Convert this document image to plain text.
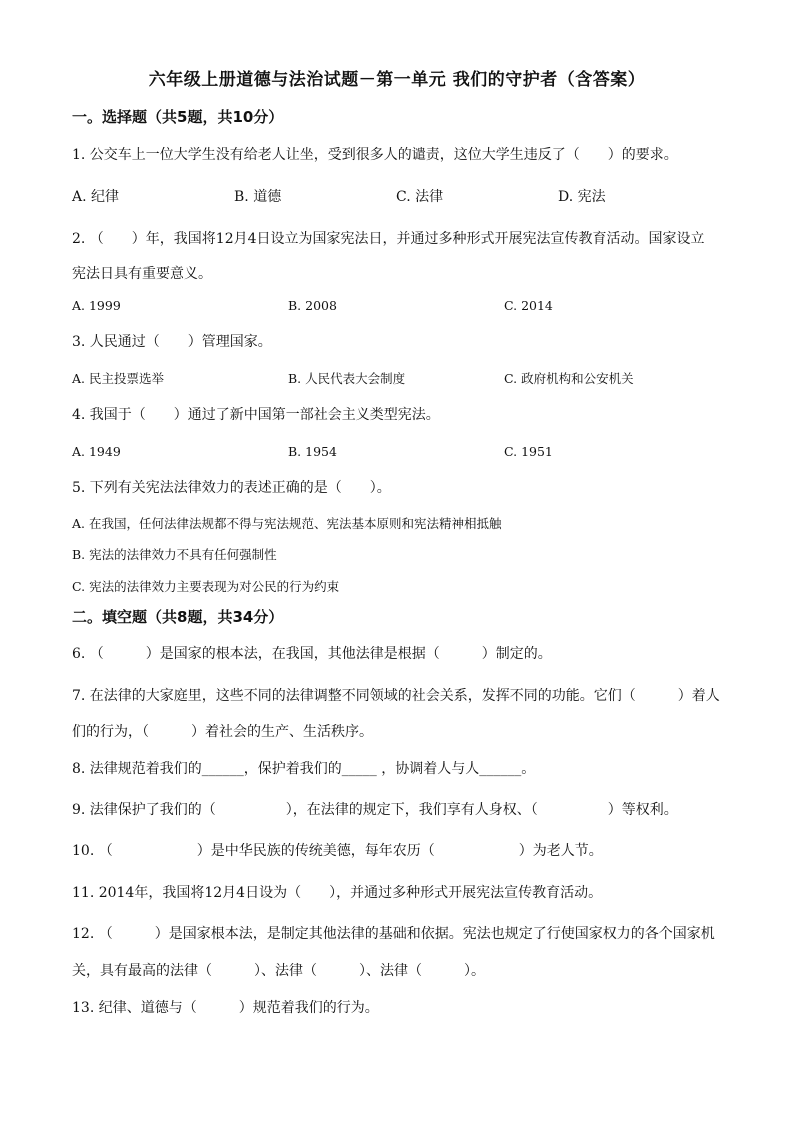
六年级上册道德与法治试题－第一单元 我们的守护者（含答案）
一。选择题（共5题，共10分）
1. 公交车上一位大学生没有给老人让坐，受到很多人的谴责，这位大学生违反了（　　）的要求。
A. 纪律	B. 道德	C. 法律	D. 宪法
2. （　　）年，我国将12月4日设立为国家宪法日，并通过多种形式开展宪法宣传教育活动。国家设立
宪法日具有重要意义。
A. 1999	B. 2008	C. 2014
3. 人民通过（　　）管理国家。
A. 民主投票选举	B. 人民代表大会制度	C. 政府机构和公安机关
4. 我国于（　　）通过了新中国第一部社会主义类型宪法。
A. 1949	B. 1954	C. 1951
5. 下列有关宪法法律效力的表述正确的是（　　）。
A. 在我国，任何法律法规都不得与宪法规范、宪法基本原则和宪法精神相抵触
B. 宪法的法律效力不具有任何强制性
C. 宪法的法律效力主要表现为对公民的行为约束
二。填空题（共8题，共34分）
6. （　　　）是国家的根本法，在我国，其他法律是根据（　　　）制定的。
7. 在法律的大家庭里，这些不同的法律调整不同领域的社会关系，发挥不同的功能。它们（　　　）着人
们的行为，（　　　）着社会的生产、生活秩序。
8. 法律规范着我们的______，保护着我们的_____ ，协调着人与人______。
9. 法律保护了我们的（　　　　　），在法律的规定下，我们享有人身权、（　　　　　）等权利。
10. （　　　　　　）是中华民族的传统美德，每年农历（　　　　　　）为老人节。
11. 2014年，我国将12月4日设为（　　），并通过多种形式开展宪法宣传教育活动。
12. （　　　）是国家根本法，是制定其他法律的基础和依据。宪法也规定了行使国家权力的各个国家机
关，具有最高的法律（　　　）、法律（　　　）、法律（　　　）。
13. 纪律、道德与（　　　）规范着我们的行为。
